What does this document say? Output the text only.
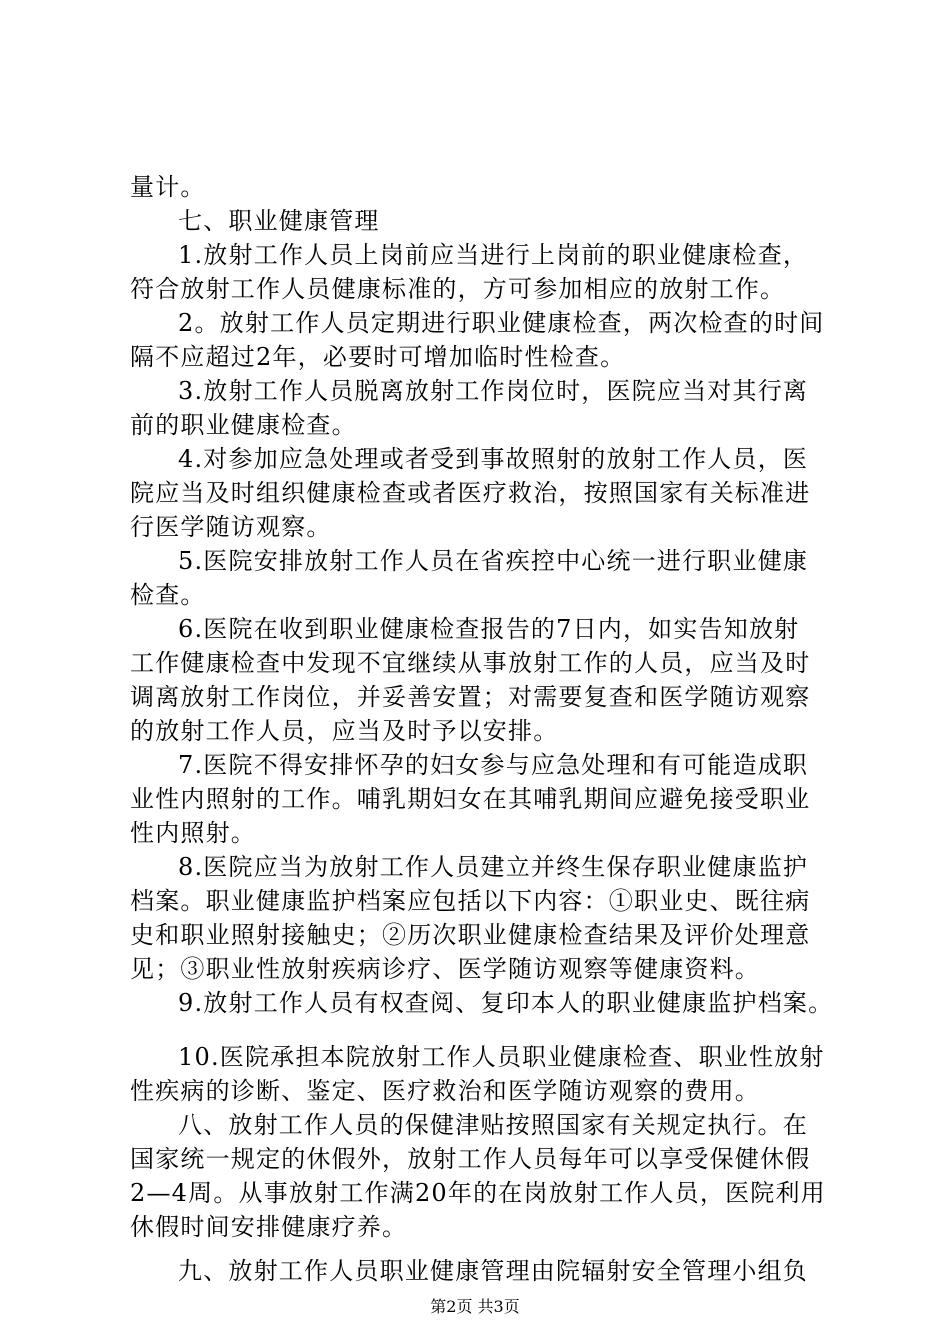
量计。
七、职业健康管理
1.放射工作人员上岗前应当进行上岗前的职业健康检查，
符合放射工作人员健康标准的，方可参加相应的放射工作。
2。放射工作人员定期进行职业健康检查，两次检查的时间
隔不应超过2年，必要时可增加临时性检查。
3.放射工作人员脱离放射工作岗位时，医院应当对其行离
前的职业健康检查。
4.对参加应急处理或者受到事故照射的放射工作人员，医
院应当及时组织健康检查或者医疗救治，按照国家有关标准进
行医学随访观察。
5.医院安排放射工作人员在省疾控中心统一进行职业健康
检查。
6.医院在收到职业健康检查报告的7日内，如实告知放射
工作健康检查中发现不宜继续从事放射工作的人员，应当及时
调离放射工作岗位，并妥善安置；对需要复查和医学随访观察
的放射工作人员，应当及时予以安排。
7.医院不得安排怀孕的妇女参与应急处理和有可能造成职
业性内照射的工作。哺乳期妇女在其哺乳期间应避免接受职业
性内照射。
8.医院应当为放射工作人员建立并终生保存职业健康监护
档案。职业健康监护档案应包括以下内容：①职业史、既往病
史和职业照射接触史；②历次职业健康检查结果及评价处理意
见；③职业性放射疾病诊疗、医学随访观察等健康资料。
9.放射工作人员有权查阅、复印本人的职业健康监护档案。
10.医院承担本院放射工作人员职业健康检查、职业性放射
性疾病的诊断、鉴定、医疗救治和医学随访观察的费用。
八、放射工作人员的保健津贴按照国家有关规定执行。在
国家统一规定的休假外，放射工作人员每年可以享受保健休假
2—4周。从事放射工作满20年的在岗放射工作人员，医院利用
休假时间安排健康疗养。
九、放射工作人员职业健康管理由院辐射安全管理小组负
第2页 共3页
